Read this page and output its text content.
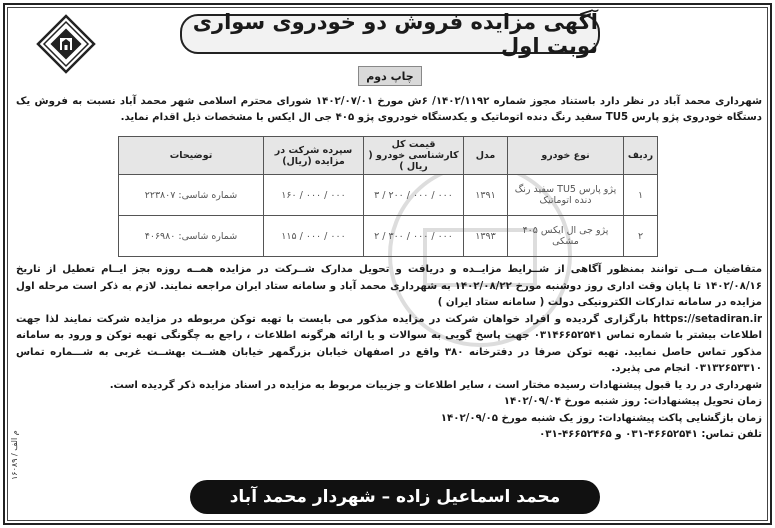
آگهی مزایده فروش دو خودروی سواری نوبت اول
چاپ دوم
شهرداری محمد آباد در نظر دارد باستناد مجوز شماره ۱۴۰۲/۱۱۹۲/ ۶ش مورخ ۱۴۰۲/۰۷/۰۱ شورای محترم اسلامی شهر محمد آباد نسبت به فروش یک دستگاه خودروی پژو پارس TU5 سفید رنگ دنده اتوماتیک و یکدستگاه خودروی پژو ۴۰۵ جی ال ایکس با مشخصات ذیل اقدام نماید.
ردیف	نوع خودرو	مدل	قیمت کل کارشناسی خودرو ( ریال )	سپرده شرکت در مزایده (ریال)	توضیحات
۱	پژو پارس TU5 سفید رنگ دنده اتوماتیک	۱۳۹۱	۳ / ۲۰۰ / ۰۰۰ / ۰۰۰	۱۶۰ / ۰۰۰ / ۰۰۰	شماره شاسی: ۲۲۳۸۰۷
۲	پژو جی ال ایکس ۴۰۵ مشکی	۱۳۹۳	۲ / ۳۰۰ / ۰۰۰ / ۰۰۰	۱۱۵ / ۰۰۰ / ۰۰۰	شماره شاسی: ۴۰۶۹۸۰

متقاضیان مــی توانند بمنظور آگاهی از شــرایط مزایــده و دریافت و تحویل مدارک شــرکت در مزایده همــه روزه بجز ایــام تعطیل از تاریخ ۱۴۰۲/۰۸/۱۶ تا پایان وقت اداری روز دوشنبه مورخ ۱۴۰۲/۰۸/۲۲ به شهرداری محمد آباد و سامانه ستاد ایران مراجعه نمایند. لازم به ذکر است مرحله اول مزایده در سامانه تدارکات الکترونیکی دولت ( سامانه ستاد ایران )

https://setadiran.ir بارگزاری گردیده و افراد خواهان شرکت در مزایده مذکور می بایست با تهیه توکن مربوطه در مزایده شرکت نمایند لذا جهت اطلاعات بیشتر با شماره تماس ۰۳۱۴۶۶۵۲۵۴۱ جهت پاسخ گویی به سوالات و یا ارائه هرگونه اطلاعات ، راجع به چگونگی تهیه توکن و ورود به سامانه مذکور تماس حاصل نمایید. تهیه توکن صرفا در دفترخانه ۳۸۰ واقع در اصفهان خیابان بزرگمهر خیابان هشــت بهشــت غربی به شـــماره تماس ۰۳۱۳۲۶۵۳۳۱۰ انجام می پذیرد.

شهرداری در رد یا قبول پیشنهادات رسیده مختار است ، سایر اطلاعات و جزییات مربوط به مزایده در اسناد مزایده ذکر گردیده است.

زمان تحویل پیشنهادات: روز شنبه مورخ ۱۴۰۲/۰۹/۰۴

زمان بازگشایی پاکت پیشنهادات: روز یک شنبه مورخ ۱۴۰۲/۰۹/۰۵

تلفن تماس: ۴۶۶۵۲۵۴۱-۰۳۱ و ۴۶۶۵۲۴۶۵-۰۳۱

۱۶۰۸۹ / م الف
محمد اسماعیل زاده – شهردار محمد آباد
